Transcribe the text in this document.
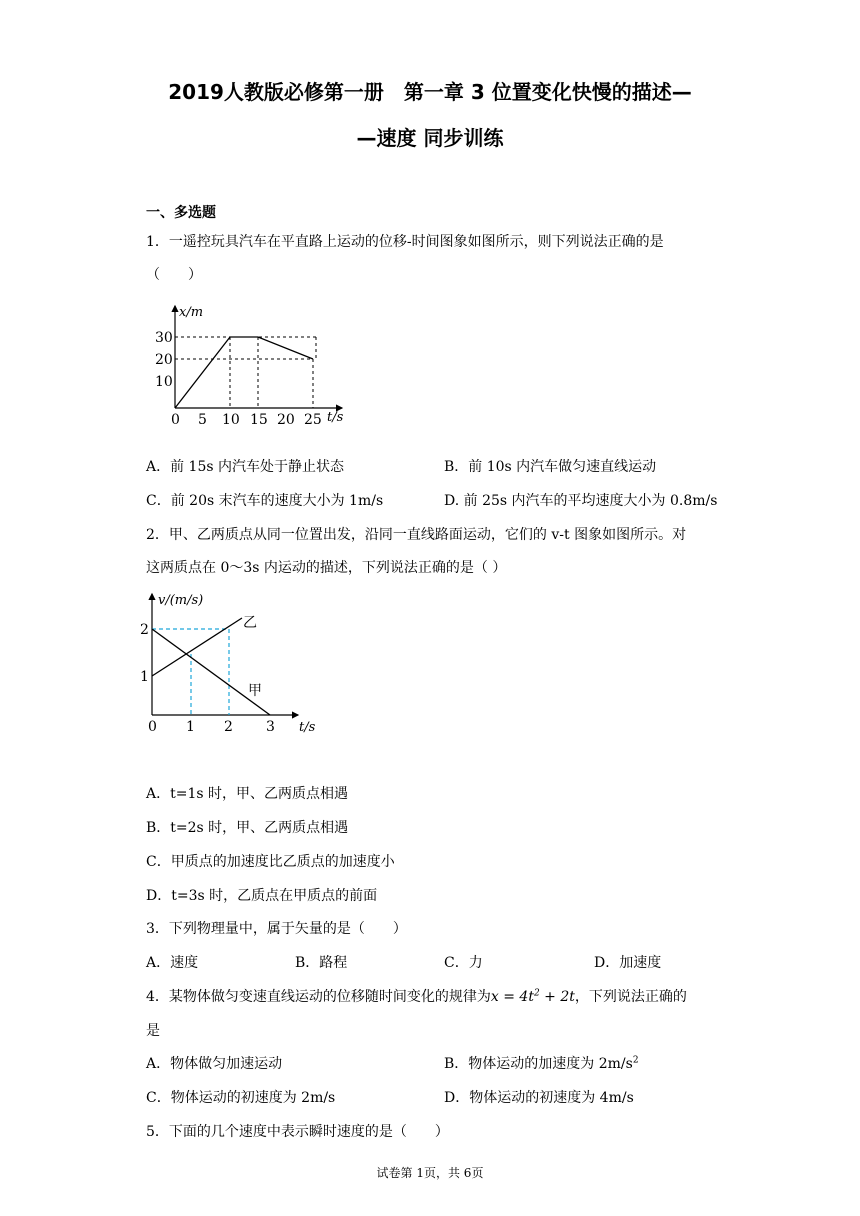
2019人教版必修第一册　第一章 3 位置变化快慢的描述—
—速度 同步训练
一、多选题
1．一遥控玩具汽车在平直路上运动的位移-时间图象如图所示，则下列说法正确的是
（　　）
x/m
30
20
10
0 5 10 15 20 25 t/s
A．前 15s 内汽车处于静止状态	B．前 10s 内汽车做匀速直线运动
C．前 20s 末汽车的速度大小为 1m/s	D. 前 25s 内汽车的平均速度大小为 0.8m/s
2．甲、乙两质点从同一位置出发，沿同一直线路面运动，它们的 v-t 图象如图所示。对
这两质点在 0～3s 内运动的描述，下列说法正确的是（ ）
v/(m/s)
2
1
0 1 2 3 t/s
乙
甲
A．t=1s 时，甲、乙两质点相遇
B．t=2s 时，甲、乙两质点相遇
C．甲质点的加速度比乙质点的加速度小
D．t=3s 时，乙质点在甲质点的前面
3．下列物理量中，属于矢量的是（　　）
A．速度	B．路程	C．力	D．加速度
4．某物体做匀变速直线运动的位移随时间变化的规律为$x = 4t^2 + 2t$，下列说法正确的
是
A．物体做匀加速运动	B．物体运动的加速度为 $2m/s^2$
C．物体运动的初速度为 2m/s	D．物体运动的初速度为 4m/s
5．下面的几个速度中表示瞬时速度的是（　　）
试卷第 1页，共 6页
